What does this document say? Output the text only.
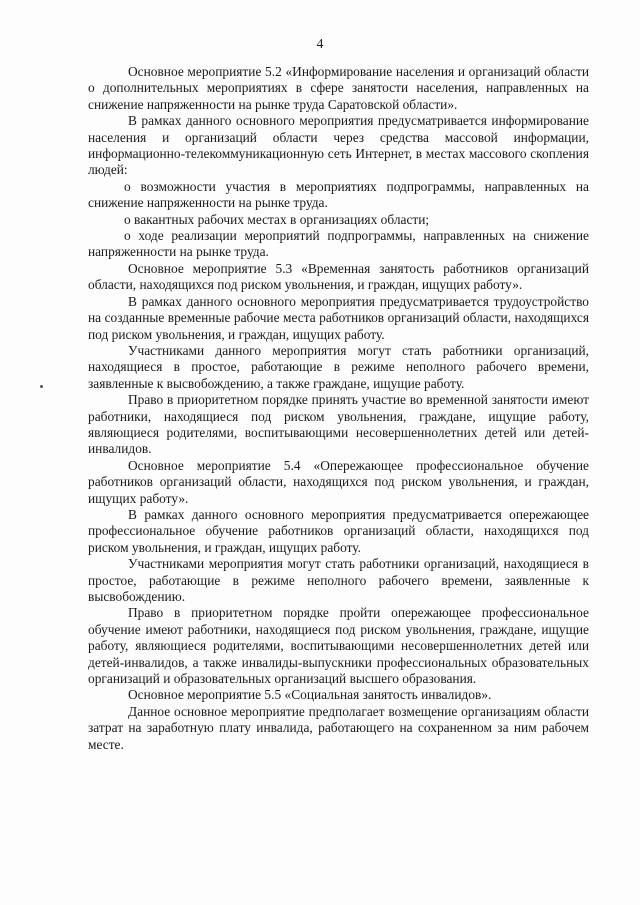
4

Основное мероприятие 5.2 «Информирование населения и организаций области о дополнительных мероприятиях в сфере занятости населения, направленных на снижение напряженности на рынке труда Саратовской области».

В рамках данного основного мероприятия предусматривается информирование населения и организаций области через средства массовой информации, информационно-телекоммуникационную сеть Интернет, в местах массового скопления людей:

о возможности участия в мероприятиях подпрограммы, направленных на снижение напряженности на рынке труда.

о вакантных рабочих местах в организациях области;

о ходе реализации мероприятий подпрограммы, направленных на снижение напряженности на рынке труда.

Основное мероприятие 5.3 «Временная занятость работников организаций области, находящихся под риском увольнения, и граждан, ищущих работу».

В рамках данного основного мероприятия предусматривается трудоустройство на созданные временные рабочие места работников организаций области, находящихся под риском увольнения, и граждан, ищущих работу.

Участниками данного мероприятия могут стать работники организаций, находящиеся в простое, работающие в режиме неполного рабочего времени, заявленные к высвобождению, а также граждане, ищущие работу.

Право в приоритетном порядке принять участие во временной занятости имеют работники, находящиеся под риском увольнения, граждане, ищущие работу, являющиеся родителями, воспитывающими несовершеннолетних детей или детей-инвалидов.

Основное мероприятие 5.4 «Опережающее профессиональное обучение работников организаций области, находящихся под риском увольнения, и граждан, ищущих работу».

В рамках данного основного мероприятия предусматривается опережающее профессиональное обучение работников организаций области, находящихся под риском увольнения, и граждан, ищущих работу.

Участниками мероприятия могут стать работники организаций, находящиеся в простое, работающие в режиме неполного рабочего времени, заявленные к высвобождению.

Право в приоритетном порядке пройти опережающее профессиональное обучение имеют работники, находящиеся под риском увольнения, граждане, ищущие работу, являющиеся родителями, воспитывающими несовершеннолетних детей или детей-инвалидов, а также инвалиды-выпускники профессиональных образовательных организаций и образовательных организаций высшего образования.

Основное мероприятие 5.5 «Социальная занятость инвалидов».

Данное основное мероприятие предполагает возмещение организациям области затрат на заработную плату инвалида, работающего на сохраненном за ним рабочем месте.
